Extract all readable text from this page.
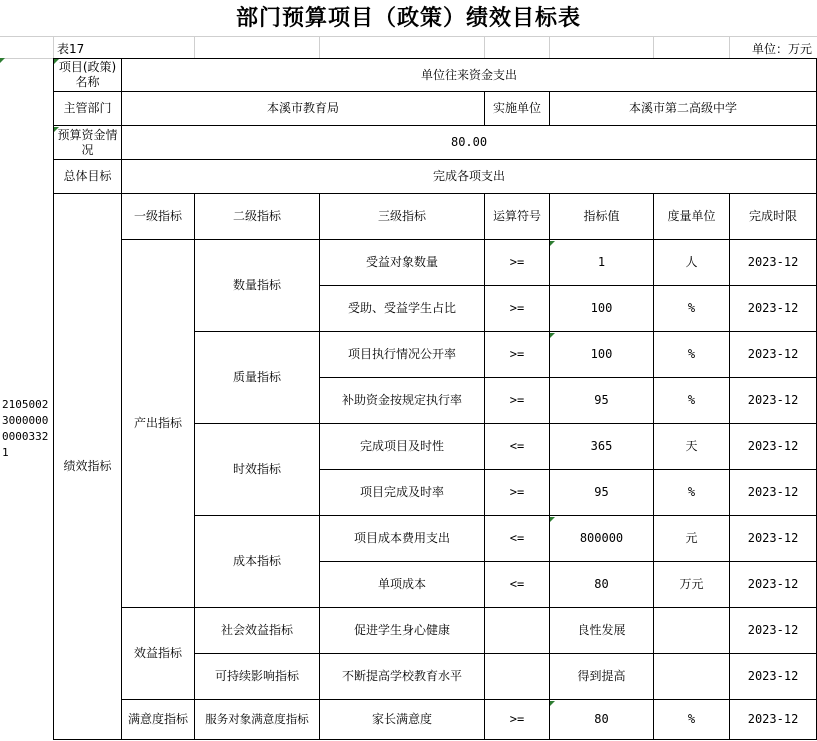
部门预算项目（政策）绩效目标表
表17	单位：万元
2105002300000000003321
项目(政策)名称	单位往来资金支出						
主管部门	本溪市教育局			实施单位	本溪市第二高级中学		
预算资金情况	80.00						
总体目标	完成各项支出						
绩效指标	一级指标	二级指标	三级指标	运算符号	指标值	度量单位	完成时限
	产出指标	数量指标	受益对象数量	>=	1	人	2023-12
			受助、受益学生占比	>=	100	%	2023-12
		质量指标	项目执行情况公开率	>=	100	%	2023-12
			补助资金按规定执行率	>=	95	%	2023-12
		时效指标	完成项目及时性	<=	365	天	2023-12
			项目完成及时率	>=	95	%	2023-12
		成本指标	项目成本费用支出	<=	800000	元	2023-12
			单项成本	<=	80	万元	2023-12
	效益指标	社会效益指标	促进学生身心健康		良性发展		2023-12
		可持续影响指标	不断提高学校教育水平		得到提高		2023-12
	满意度指标	服务对象满意度指标	家长满意度	>=	80	%	2023-12
